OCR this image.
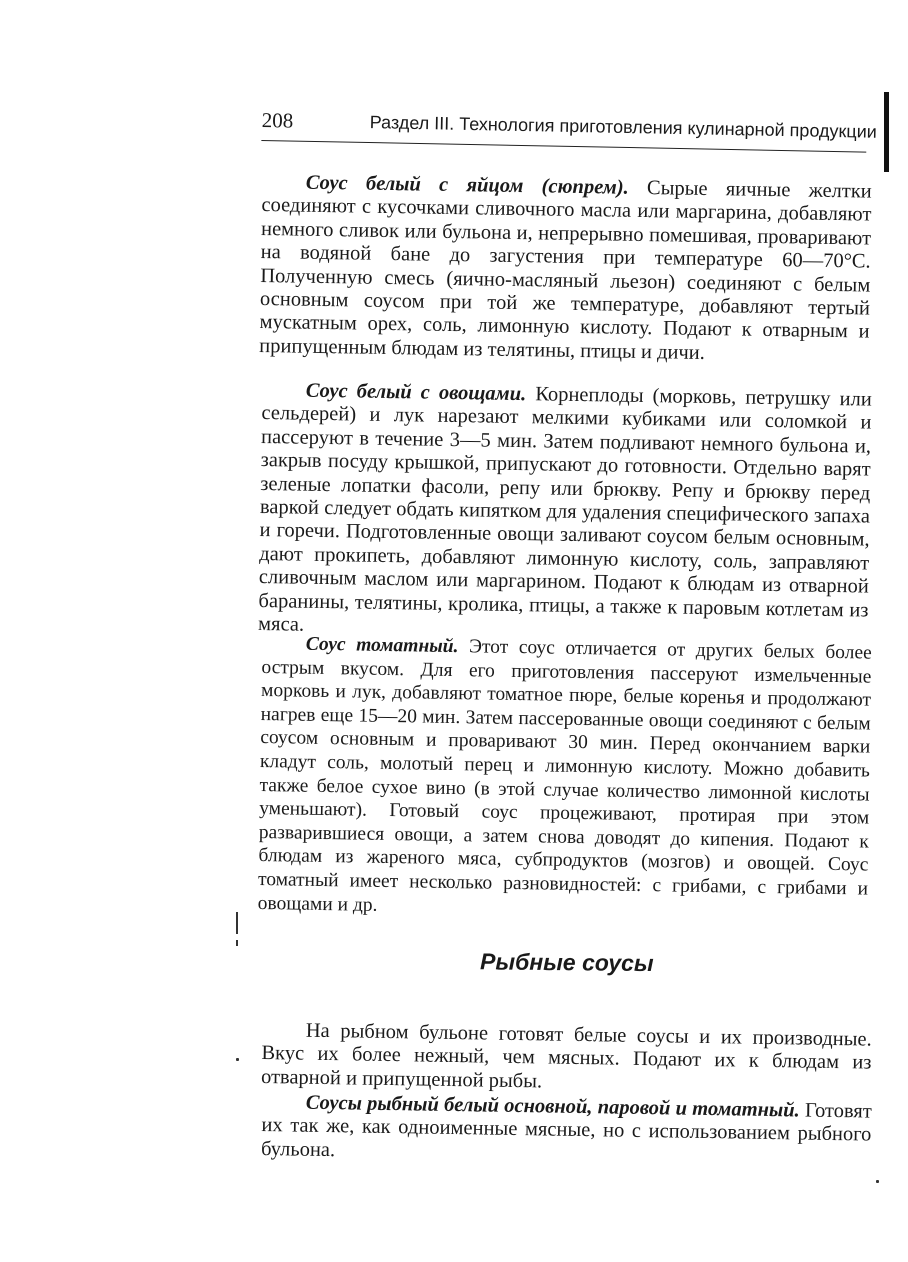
208	Раздел III. Технология приготовления кулинарной продукции

Соус белый с яйцом (сюпрем). Сырые яичные желтки соединяют с кусочками сливочного масла или маргарина, добавляют немного сливок или бульона и, непрерывно помешивая, проваривают на водяной бане до загустения при температуре 60—70°С. Полученную смесь (яично-масляный льезон) соединяют с белым основным соусом при той же температуре, добавляют тертый мускатным орех, соль, лимонную кислоту. Подают к отварным и припущенным блюдам из телятины, птицы и дичи.

Соус белый с овощами. Корнеплоды (морковь, петрушку или сельдерей) и лук нарезают мелкими кубиками или соломкой и пассеруют в течение 3—5 мин. Затем подливают немного бульона и, закрыв посуду крышкой, припускают до готовности. Отдельно варят зеленые лопатки фасоли, репу или брюкву. Репу и брюкву перед варкой следует обдать кипятком для удаления специфического запаха и горечи. Подготовленные овощи заливают соусом белым основным, дают прокипеть, добавляют лимонную кислоту, соль, заправляют сливочным маслом или маргарином. Подают к блюдам из отварной баранины, телятины, кролика, птицы, а также к паровым котлетам из мяса.

Соус томатный. Этот соус отличается от других белых более острым вкусом. Для его приготовления пассеруют измельченные морковь и лук, добавляют томатное пюре, белые коренья и продолжают нагрев еще 15—20 мин. Затем пассерованные овощи соединяют с белым соусом основным и проваривают 30 мин. Перед окончанием варки кладут соль, молотый перец и лимонную кислоту. Можно добавить также белое сухое вино (в этой случае количество лимонной кислоты уменьшают). Готовый соус процеживают, протирая при этом разварившиеся овощи, а затем снова доводят до кипения. Подают к блюдам из жареного мяса, субпродуктов (мозгов) и овощей. Соус томатный имеет несколько разновидностей: с грибами, с грибами и овощами и др.

Рыбные соусы

На рыбном бульоне готовят белые соусы и их производные. Вкус их более нежный, чем мясных. Подают их к блюдам из отварной и припущенной рыбы.

Соусы рыбный белый основной, паровой и томатный. Готовят их так же, как одноименные мясные, но с использованием рыбного бульона.
